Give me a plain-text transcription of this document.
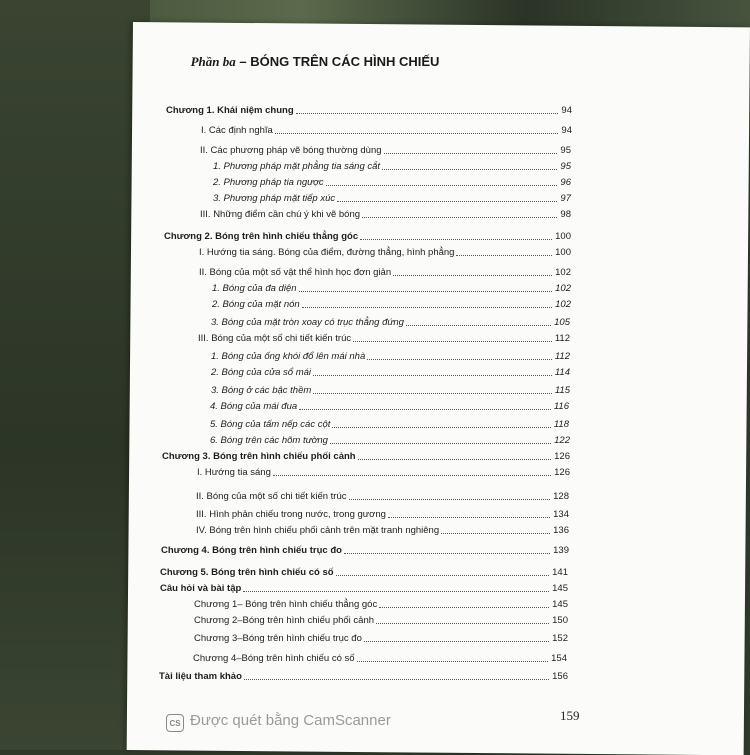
Phần ba – BÓNG TRÊN CÁC HÌNH CHIẾU
Chương 1. Khái niệm chung	94
I. Các định nghĩa	94
II. Các phương pháp vẽ bóng thường dùng	95
1. Phương pháp mặt phẳng tia sáng cắt	95
2. Phương pháp tia ngược	96
3. Phương pháp mặt tiếp xúc	97
III. Những điểm cần chú ý khi vẽ bóng	98
Chương 2. Bóng trên hình chiếu thẳng góc	100
I. Hướng tia sáng. Bóng của điểm, đường thẳng, hình phẳng	100
II. Bóng của một số vật thể hình học đơn giản	102
1. Bóng của đa diện	102
2. Bóng của mặt nón	102
3. Bóng của mặt tròn xoay có trục thẳng đứng	105
III. Bóng của một số chi tiết kiến trúc	112
1. Bóng của ống khói đổ lên mái nhà	112
2. Bóng của cửa sổ mái	114
3. Bóng ở các bậc thềm	115
4. Bóng của mái đua	116
5. Bóng của tấm nếp các cột	118
6. Bóng trên các hõm tường	122
Chương 3. Bóng trên hình chiếu phối cảnh	126
I. Hướng tia sáng	126
II. Bóng của một số chi tiết kiến trúc	128
III. Hình phản chiếu trong nước, trong gương	134
IV. Bóng trên hình chiếu phối cảnh trên mặt tranh nghiêng	136
Chương 4. Bóng trên hình chiếu trục đo	139
Chương 5. Bóng trên hình chiếu có số	141
Câu hỏi và bài tập	145
Chương 1– Bóng trên hình chiếu thẳng góc	145
Chương 2–Bóng trên hình chiếu phối cảnh	150
Chương 3–Bóng trên hình chiếu trục đo	152
Chương 4–Bóng trên hình chiếu có số	154
Tài liệu tham khảo	156
159
CS Được quét bằng CamScanner
